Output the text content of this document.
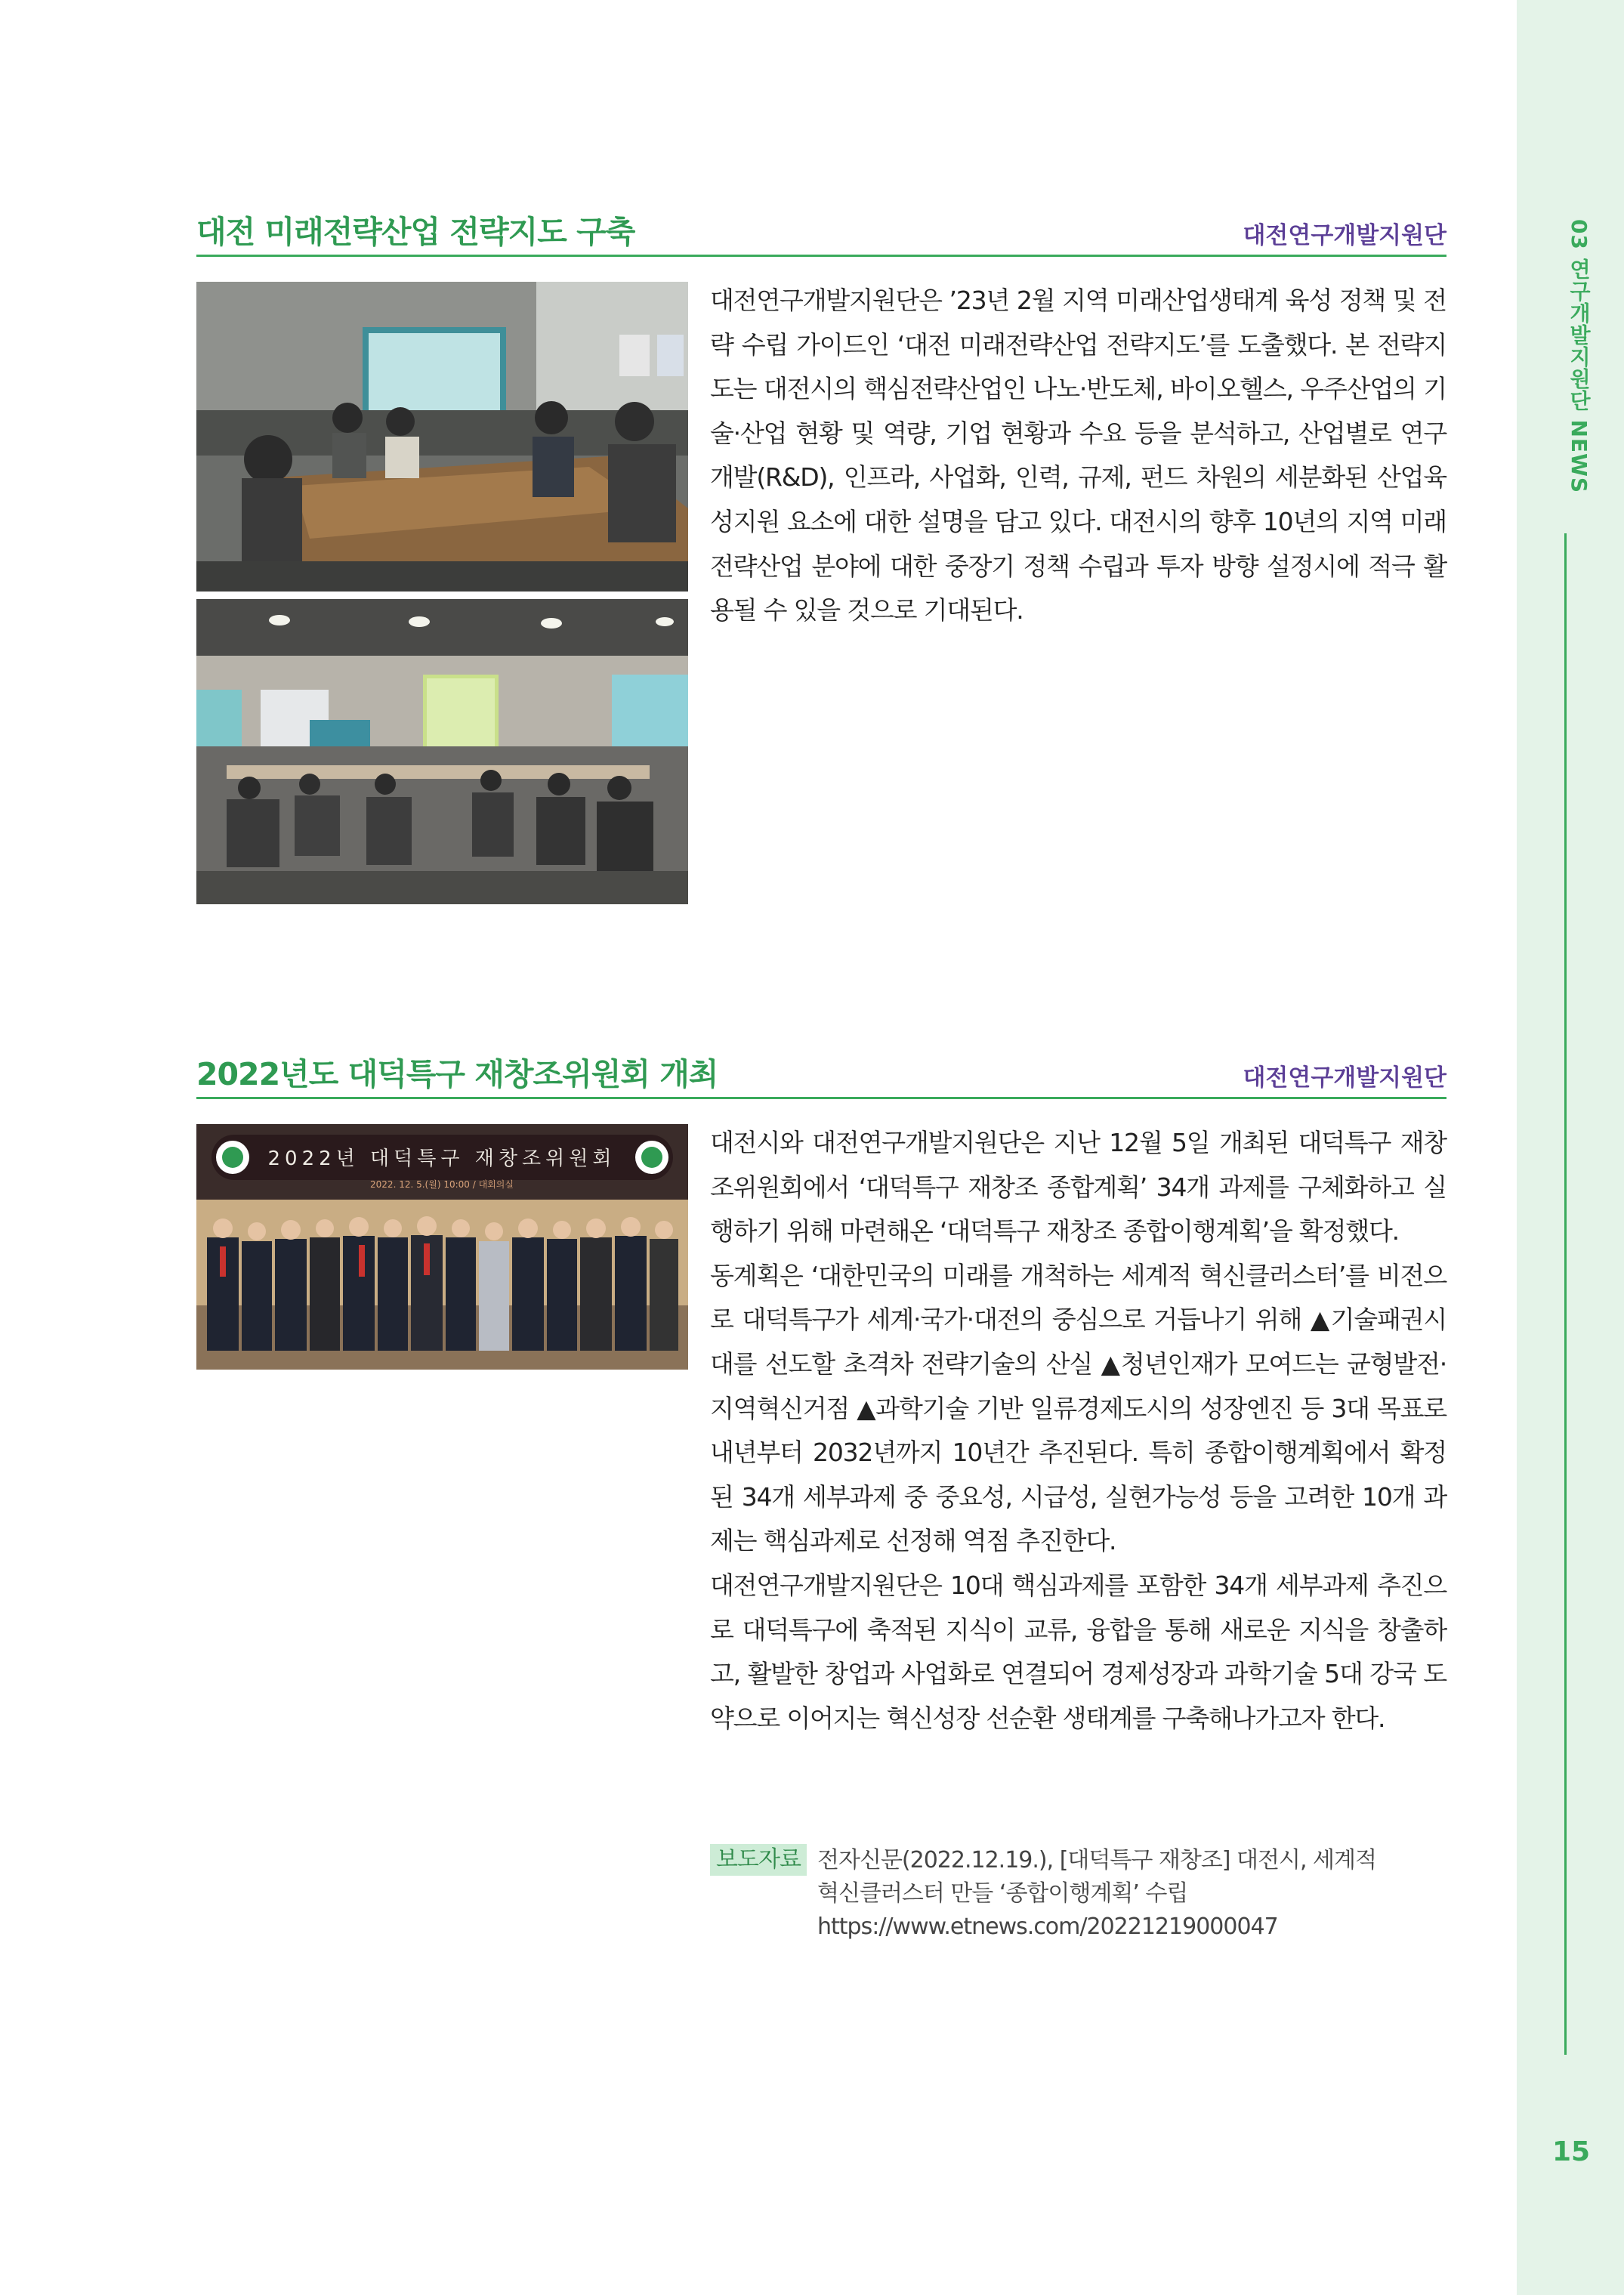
03 연구개발지원단 NEWS
15
대전 미래전략산업 전략지도 구축	대전연구개발지원단

대전연구개발지원단은 ’23년 2월 지역 미래산업생태계 육성 정책 및 전략 수립 가이드인 ‘대전 미래전략산업 전략지도’를 도출했다. 본 전략지도는 대전시의 핵심전략산업인 나노·반도체, 바이오헬스, 우주산업의 기술·산업 현황 및 역량, 기업 현황과 수요 등을 분석하고, 산업별로 연구개발(R&D), 인프라, 사업화, 인력, 규제, 펀드 차원의 세분화된 산업육성지원 요소에 대한 설명을 담고 있다. 대전시의 향후 10년의 지역 미래전략산업 분야에 대한 중장기 정책 수립과 투자 방향 설정시에 적극 활용될 수 있을 것으로 기대된다.

2022년도 대덕특구 재창조위원회 개최	대전연구개발지원단
2022년 대덕특구 재창조위원회
2022. 12. 5.(월) 10:00 / 대회의실

대전시와 대전연구개발지원단은 지난 12월 5일 개최된 대덕특구 재창조위원회에서 ‘대덕특구 재창조 종합계획’ 34개 과제를 구체화하고 실행하기 위해 마련해온 ‘대덕특구 재창조 종합이행계획’을 확정했다.

동계획은 ‘대한민국의 미래를 개척하는 세계적 혁신클러스터’를 비전으로 대덕특구가 세계·국가·대전의 중심으로 거듭나기 위해 ▲기술패권시대를 선도할 초격차 전략기술의 산실 ▲청년인재가 모여드는 균형발전·지역혁신거점 ▲과학기술 기반 일류경제도시의 성장엔진 등 3대 목표로 내년부터 2032년까지 10년간 추진된다. 특히 종합이행계획에서 확정된 34개 세부과제 중 중요성, 시급성, 실현가능성 등을 고려한 10개 과제는 핵심과제로 선정해 역점 추진한다.

대전연구개발지원단은 10대 핵심과제를 포함한 34개 세부과제 추진으로 대덕특구에 축적된 지식이 교류, 융합을 통해 새로운 지식을 창출하고, 활발한 창업과 사업화로 연결되어 경제성장과 과학기술 5대 강국 도약으로 이어지는 혁신성장 선순환 생태계를 구축해나가고자 한다.

보도자료 전자신문(2022.12.19.), [대덕특구 재창조] 대전시, 세계적
혁신클러스터 만들 ‘종합이행계획’ 수립
https://www.etnews.com/20221219000047
